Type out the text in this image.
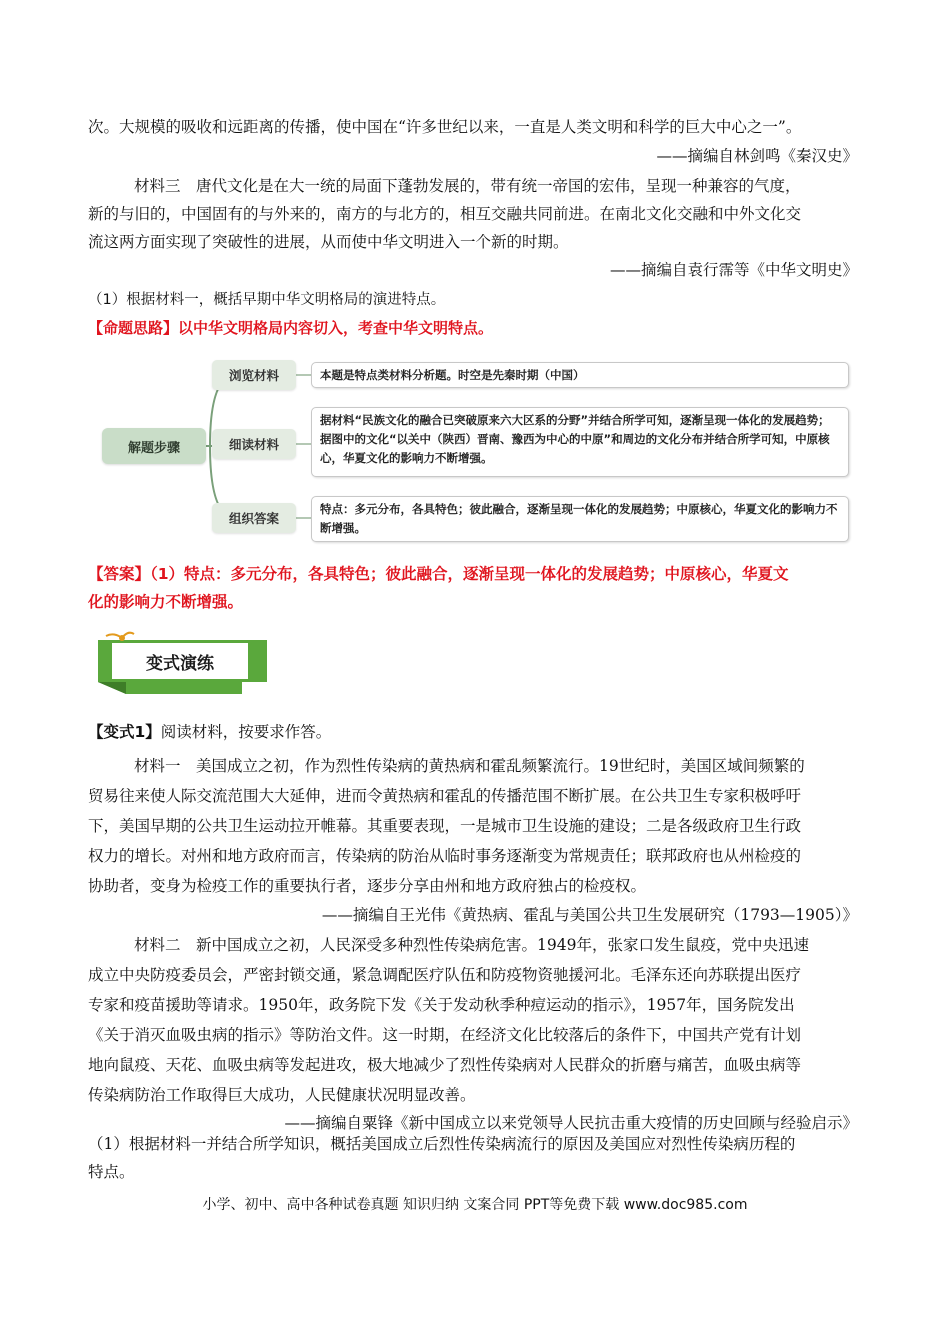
次。大规模的吸收和远距离的传播，使中国在“许多世纪以来，一直是人类文明和科学的巨大中心之一”。
——摘编自林剑鸣《秦汉史》
材料三　唐代文化是在大一统的局面下蓬勃发展的，带有统一帝国的宏伟，呈现一种兼容的气度，
新的与旧的，中国固有的与外来的，南方的与北方的，相互交融共同前进。在南北文化交融和中外文化交
流这两方面实现了突破性的进展，从而使中华文明进入一个新的时期。
——摘编自袁行霈等《中华文明史》
（1）根据材料一，概括早期中华文明格局的演进特点。
【命题思路】以中华文明格局内容切入，考查中华文明特点。
解题步骤
浏览材料
细读材料
组织答案
本题是特点类材料分析题。时空是先秦时期（中国）
据材料“民族文化的融合已突破原来六大区系的分野”并结合所学可知，逐渐呈现一体化的发展趋势；据图中的文化“以关中（陕西）晋南、豫西为中心的中原”和周边的文化分布并结合所学可知，中原核心，华夏文化的影响力不断增强。
特点：多元分布，各具特色；彼此融合，逐渐呈现一体化的发展趋势；中原核心，华夏文化的影响力不断增强。
【答案】（1）特点：多元分布，各具特色；彼此融合，逐渐呈现一体化的发展趋势；中原核心，华夏文
化的影响力不断增强。
变式演练
【变式1】阅读材料，按要求作答。
材料一　美国成立之初，作为烈性传染病的黄热病和霍乱频繁流行。19世纪时，美国区域间频繁的
贸易往来使人际交流范围大大延伸，进而令黄热病和霍乱的传播范围不断扩展。在公共卫生专家积极呼吁
下，美国早期的公共卫生运动拉开帷幕。其重要表现，一是城市卫生设施的建设；二是各级政府卫生行政
权力的增长。对州和地方政府而言，传染病的防治从临时事务逐渐变为常规责任；联邦政府也从州检疫的
协助者，变身为检疫工作的重要执行者，逐步分享由州和地方政府独占的检疫权。
——摘编自王光伟《黄热病、霍乱与美国公共卫生发展研究（1793—1905）》
材料二　新中国成立之初，人民深受多种烈性传染病危害。1949年，张家口发生鼠疫，党中央迅速
成立中央防疫委员会，严密封锁交通，紧急调配医疗队伍和防疫物资驰援河北。毛泽东还向苏联提出医疗
专家和疫苗援助等请求。1950年，政务院下发《关于发动秋季种痘运动的指示》，1957年，国务院发出
《关于消灭血吸虫病的指示》等防治文件。这一时期，在经济文化比较落后的条件下，中国共产党有计划
地向鼠疫、天花、血吸虫病等发起进攻，极大地减少了烈性传染病对人民群众的折磨与痛苦，血吸虫病等
传染病防治工作取得巨大成功，人民健康状况明显改善。
——摘编自粟锋《新中国成立以来党领导人民抗击重大疫情的历史回顾与经验启示》
（1）根据材料一并结合所学知识，概括美国成立后烈性传染病流行的原因及美国应对烈性传染病历程的
特点。
小学、初中、高中各种试卷真题 知识归纳 文案合同 PPT等免费下载 www.doc985.com
